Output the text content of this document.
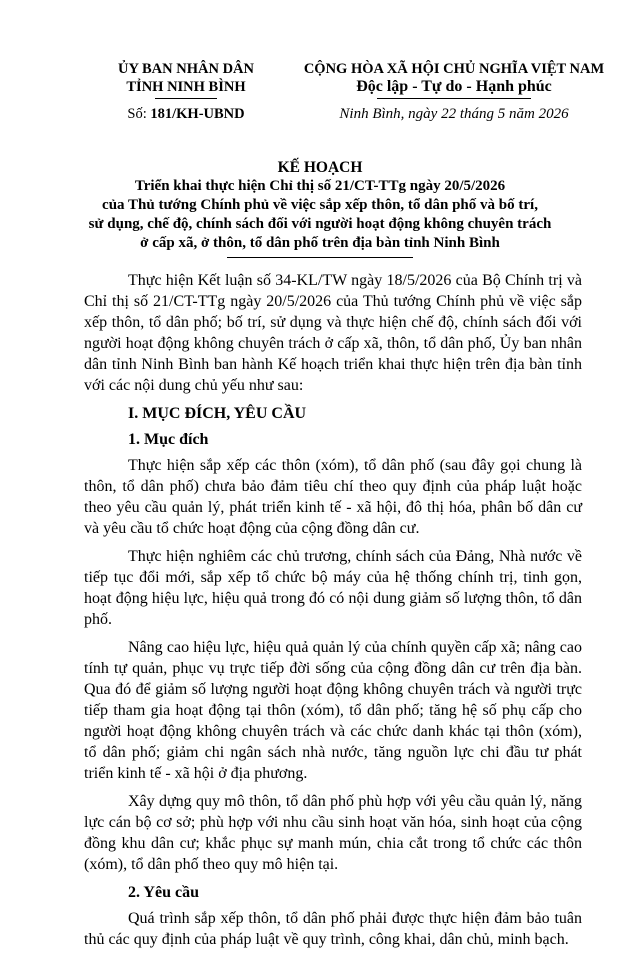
ỦY BAN NHÂN DÂN
TỈNH NINH BÌNH
Số: 181/KH-UBND
CỘNG HÒA XÃ HỘI CHỦ NGHĨA VIỆT NAM
Độc lập - Tự do - Hạnh phúc
Ninh Bình, ngày 22 tháng 5 năm 2026
KẾ HOẠCH
Triển khai thực hiện Chỉ thị số 21/CT-TTg ngày 20/5/2026
của Thủ tướng Chính phủ về việc sắp xếp thôn, tổ dân phố và bố trí,
sử dụng, chế độ, chính sách đối với người hoạt động không chuyên trách
ở cấp xã, ở thôn, tổ dân phố trên địa bàn tỉnh Ninh Bình

Thực hiện Kết luận số 34-KL/TW ngày 18/5/2026 của Bộ Chính trị và Chỉ thị số 21/CT-TTg ngày 20/5/2026 của Thủ tướng Chính phủ về việc sắp xếp thôn, tổ dân phố; bố trí, sử dụng và thực hiện chế độ, chính sách đối với người hoạt động không chuyên trách ở cấp xã, thôn, tổ dân phố, Ủy ban nhân dân tỉnh Ninh Bình ban hành Kế hoạch triển khai thực hiện trên địa bàn tỉnh với các nội dung chủ yếu như sau:

I. MỤC ĐÍCH, YÊU CẦU
1. Mục đích

Thực hiện sắp xếp các thôn (xóm), tổ dân phố (sau đây gọi chung là thôn, tổ dân phố) chưa bảo đảm tiêu chí theo quy định của pháp luật hoặc theo yêu cầu quản lý, phát triển kinh tế - xã hội, đô thị hóa, phân bố dân cư và yêu cầu tổ chức hoạt động của cộng đồng dân cư.

Thực hiện nghiêm các chủ trương, chính sách của Đảng, Nhà nước về tiếp tục đổi mới, sắp xếp tổ chức bộ máy của hệ thống chính trị, tinh gọn, hoạt động hiệu lực, hiệu quả trong đó có nội dung giảm số lượng thôn, tổ dân phố.

Nâng cao hiệu lực, hiệu quả quản lý của chính quyền cấp xã; nâng cao tính tự quản, phục vụ trực tiếp đời sống của cộng đồng dân cư trên địa bàn. Qua đó để giảm số lượng người hoạt động không chuyên trách và người trực tiếp tham gia hoạt động tại thôn (xóm), tổ dân phố; tăng hệ số phụ cấp cho người hoạt động không chuyên trách và các chức danh khác tại thôn (xóm), tổ dân phố; giảm chi ngân sách nhà nước, tăng nguồn lực chi đầu tư phát triển kinh tế - xã hội ở địa phương.

Xây dựng quy mô thôn, tổ dân phố phù hợp với yêu cầu quản lý, năng lực cán bộ cơ sở; phù hợp với nhu cầu sinh hoạt văn hóa, sinh hoạt của cộng đồng khu dân cư; khắc phục sự manh mún, chia cắt trong tổ chức các thôn (xóm), tổ dân phố theo quy mô hiện tại.

2. Yêu cầu

Quá trình sắp xếp thôn, tổ dân phố phải được thực hiện đảm bảo tuân thủ các quy định của pháp luật về quy trình, công khai, dân chủ, minh bạch.
